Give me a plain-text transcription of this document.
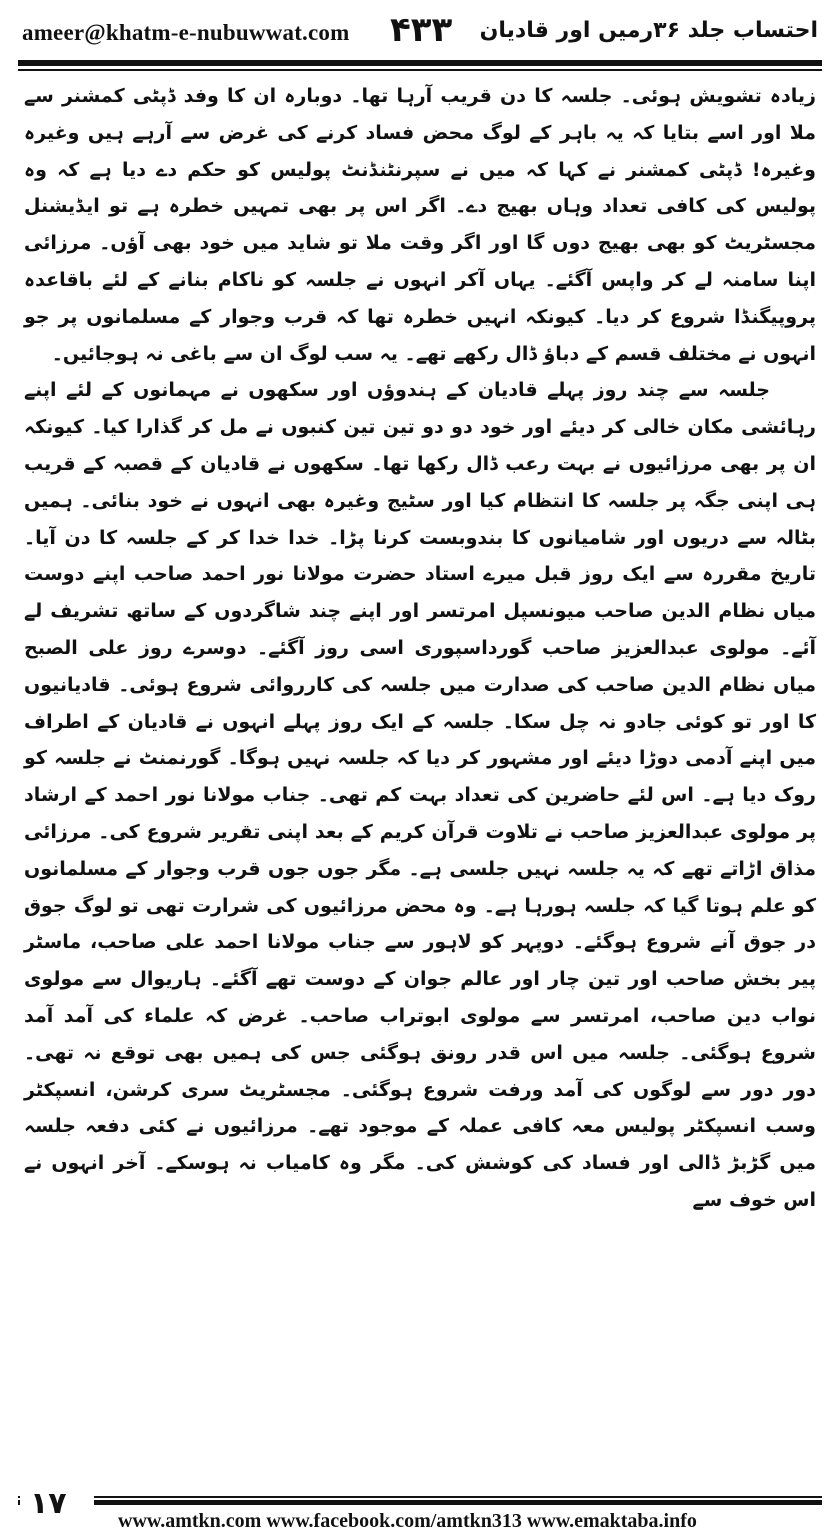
ameer@khatm-e-nubuwwat.com ۴۳۳ احتساب جلد ۳۶رمیں اور قادیان

زیادہ تشویش ہوئی۔ جلسہ کا دن قریب آرہا تھا۔ دوبارہ ان کا وفد ڈپٹی کمشنر سے ملا اور اسے بتایا کہ یہ باہر کے لوگ محض فساد کرنے کی غرض سے آرہے ہیں وغیرہ وغیرہ! ڈپٹی کمشنر نے کہا کہ میں نے سپرنٹنڈنٹ پولیس کو حکم دے دیا ہے کہ وہ پولیس کی کافی تعداد وہاں بھیج دے۔ اگر اس پر بھی تمہیں خطرہ ہے تو ایڈیشنل مجسٹریٹ کو بھی بھیج دوں گا اور اگر وقت ملا تو شاید میں خود بھی آؤں۔ مرزائی اپنا سامنہ لے کر واپس آگئے۔ یہاں آکر انہوں نے جلسہ کو ناکام بنانے کے لئے باقاعدہ پروپیگنڈا شروع کر دیا۔ کیونکہ انہیں خطرہ تھا کہ قرب وجوار کے مسلمانوں پر جو انہوں نے مختلف قسم کے دباؤ ڈال رکھے تھے۔ یہ سب لوگ ان سے باغی نہ ہوجائیں۔

جلسہ سے چند روز پہلے قادیان کے ہندوؤں اور سکھوں نے مہمانوں کے لئے اپنے رہائشی مکان خالی کر دیئے اور خود دو دو تین تین کنبوں نے مل کر گذارا کیا۔ کیونکہ ان پر بھی مرزائیوں نے بہت رعب ڈال رکھا تھا۔ سکھوں نے قادیان کے قصبہ کے قریب ہی اپنی جگہ پر جلسہ کا انتظام کیا اور سٹیج وغیرہ بھی انہوں نے خود بنائی۔ ہمیں بٹالہ سے دریوں اور شامیانوں کا بندوبست کرنا پڑا۔ خدا خدا کر کے جلسہ کا دن آیا۔ تاریخ مقررہ سے ایک روز قبل میرے استاد حضرت مولانا نور احمد صاحب اپنے دوست میاں نظام الدین صاحب میونسپل امرتسر اور اپنے چند شاگردوں کے ساتھ تشریف لے آئے۔ مولوی عبدالعزیز صاحب گورداسپوری اسی روز آگئے۔ دوسرے روز علی الصبح میاں نظام الدین صاحب کی صدارت میں جلسہ کی کارروائی شروع ہوئی۔ قادیانیوں کا اور تو کوئی جادو نہ چل سکا۔ جلسہ کے ایک روز پہلے انہوں نے قادیان کے اطراف میں اپنے آدمی دوڑا دیئے اور مشہور کر دیا کہ جلسہ نہیں ہوگا۔ گورنمنٹ نے جلسہ کو روک دیا ہے۔ اس لئے حاضرین کی تعداد بہت کم تھی۔ جناب مولانا نور احمد کے ارشاد پر مولوی عبدالعزیز صاحب نے تلاوت قرآن کریم کے بعد اپنی تقریر شروع کی۔ مرزائی مذاق اڑاتے تھے کہ یہ جلسہ نہیں جلسی ہے۔ مگر جوں جوں قرب وجوار کے مسلمانوں کو علم ہوتا گیا کہ جلسہ ہورہا ہے۔ وہ محض مرزائیوں کی شرارت تھی تو لوگ جوق در جوق آنے شروع ہوگئے۔ دوپہر کو لاہور سے جناب مولانا احمد علی صاحب، ماسٹر پیر بخش صاحب اور تین چار اور عالم جوان کے دوست تھے آگئے۔ ہاریوال سے مولوی نواب دین صاحب، امرتسر سے مولوی ابوتراب صاحب۔ غرض کہ علماء کی آمد آمد شروع ہوگئی۔ جلسہ میں اس قدر رونق ہوگئی جس کی ہمیں بھی توقع نہ تھی۔ دور دور سے لوگوں کی آمد ورفت شروع ہوگئی۔ مجسٹریٹ سری کرشن، انسپکٹر وسب انسپکٹر پولیس معہ کافی عملہ کے موجود تھے۔ مرزائیوں نے کئی دفعہ جلسہ میں گڑبڑ ڈالی اور فساد کی کوشش کی۔ مگر وہ کامیاب نہ ہوسکے۔ آخر انہوں نے اس خوف سے

۱۷	www.amtkn.com www.facebook.com/amtkn313 www.emaktaba.info
